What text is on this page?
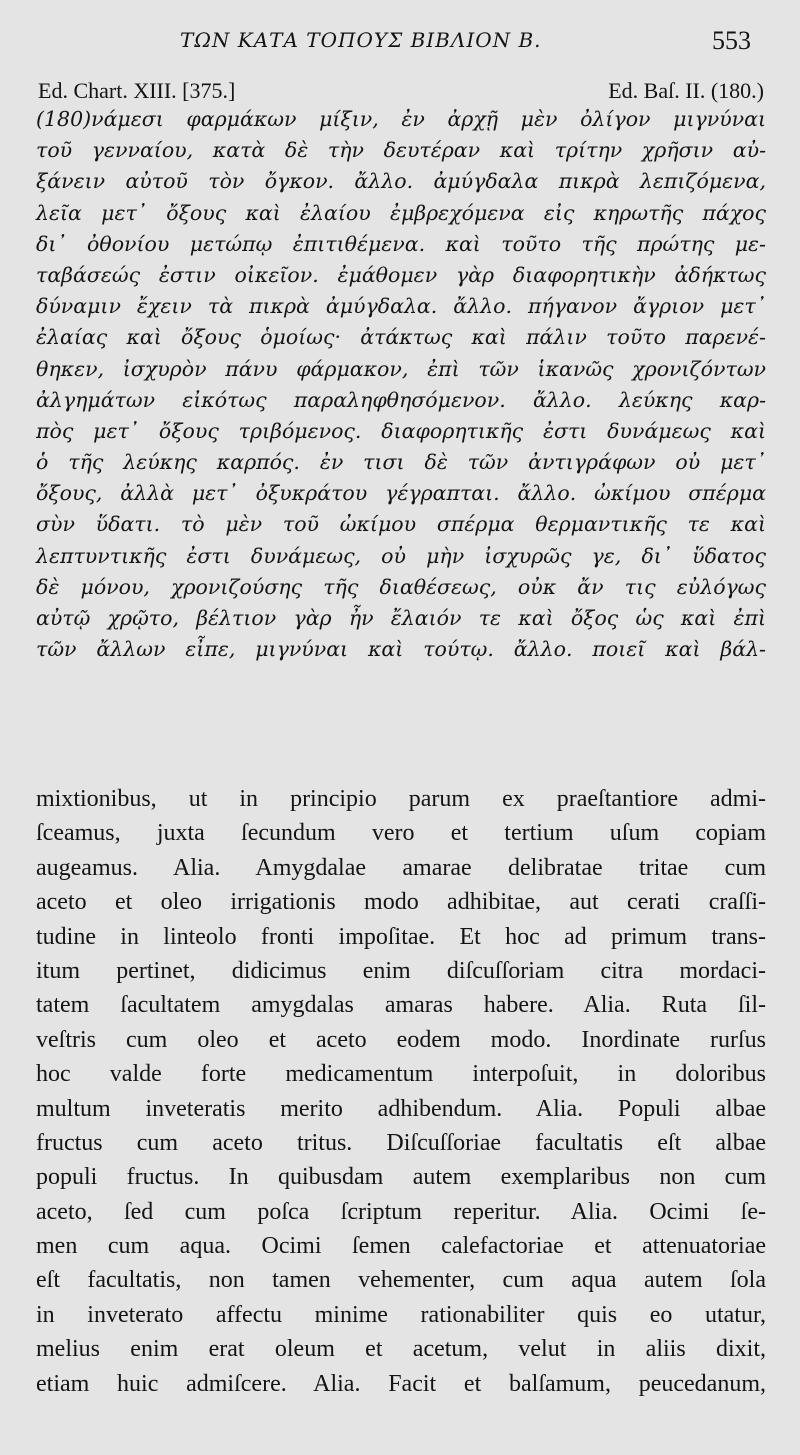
ΤΩΝ ΚΑΤΑ ΤΟΠΟΥΣ ΒΙΒΛΙΟΝ Β.	553
Ed. Chart. XIII. [375.]	Ed. Baſ. II. (180.)
(180)νάμεσι φαρμάκων μίξιν, ἐν ἀρχῇ μὲν ὀλίγον μιγνύναι
τοῦ γενναίου, κατὰ δὲ τὴν δευτέραν καὶ τρίτην χρῆσιν αὐ-
ξάνειν αὐτοῦ τὸν ὄγκον. ἄλλο. ἀμύγδαλα πικρὰ λεπιζόμενα,
λεῖα μετ᾽ ὄξους καὶ ἐλαίου ἐμβρεχόμενα εἰς κηρωτῆς πάχος
δι᾽ ὀθονίου μετώπῳ ἐπιτιθέμενα. καὶ τοῦτο τῆς πρώτης με-
ταβάσεώς ἐστιν οἰκεῖον. ἐμάθομεν γὰρ διαφορητικὴν ἀδήκτως
δύναμιν ἔχειν τὰ πικρὰ ἀμύγδαλα. ἄλλο. πήγανον ἄγριον μετ᾽
ἐλαίας καὶ ὄξους ὁμοίως· ἀτάκτως καὶ πάλιν τοῦτο παρενέ-
θηκεν, ἰσχυρὸν πάνυ φάρμακον, ἐπὶ τῶν ἱκανῶς χρονιζόντων
ἀλγημάτων εἰκότως παραληφθησόμενον. ἄλλο. λεύκης καρ-
πὸς μετ᾽ ὄξους τριβόμενος. διαφορητικῆς ἐστι δυνάμεως καὶ
ὁ τῆς λεύκης καρπός. ἐν τισι δὲ τῶν ἀντιγράφων οὐ μετ᾽
ὄξους, ἀλλὰ μετ᾽ ὀξυκράτου γέγραπται. ἄλλο. ὠκίμου σπέρμα
σὺν ὕδατι. τὸ μὲν τοῦ ὠκίμου σπέρμα θερμαντικῆς τε καὶ
λεπτυντικῆς ἐστι δυνάμεως, οὐ μὴν ἰσχυρῶς γε, δι᾽ ὕδατος
δὲ μόνου, χρονιζούσης τῆς διαθέσεως, οὐκ ἄν τις εὐλόγως
αὐτῷ χρῷτο, βέλτιον γὰρ ἦν ἔλαιόν τε καὶ ὄξος ὡς καὶ ἐπὶ
τῶν ἄλλων εἶπε, μιγνύναι καὶ τούτῳ. ἄλλο. ποιεῖ καὶ βάλ-
mixtionibus, ut in principio parum ex praeſtantiore admi-
ſceamus, juxta ſecundum vero et tertium uſum copiam
augeamus. Alia. Amygdalae amarae delibratae tritae cum
aceto et oleo irrigationis modo adhibitae, aut cerati craſſi-
tudine in linteolo fronti impoſitae. Et hoc ad primum trans-
itum pertinet, didicimus enim diſcuſſoriam citra mordaci-
tatem ſacultatem amygdalas amaras habere. Alia. Ruta ſil-
veſtris cum oleo et aceto eodem modo. Inordinate rurſus
hoc valde forte medicamentum interpoſuit, in doloribus
multum inveteratis merito adhibendum. Alia. Populi albae
fructus cum aceto tritus. Diſcuſſoriae facultatis eſt albae
populi fructus. In quibusdam autem exemplaribus non cum
aceto, ſed cum poſca ſcriptum reperitur. Alia. Ocimi ſe-
men cum aqua. Ocimi ſemen calefactoriae et attenuatoriae
eſt facultatis, non tamen vehementer, cum aqua autem ſola
in inveterato affectu minime rationabiliter quis eo utatur,
melius enim erat oleum et acetum, velut in aliis dixit,
etiam huic admiſcere. Alia. Facit et balſamum, peucedanum,
